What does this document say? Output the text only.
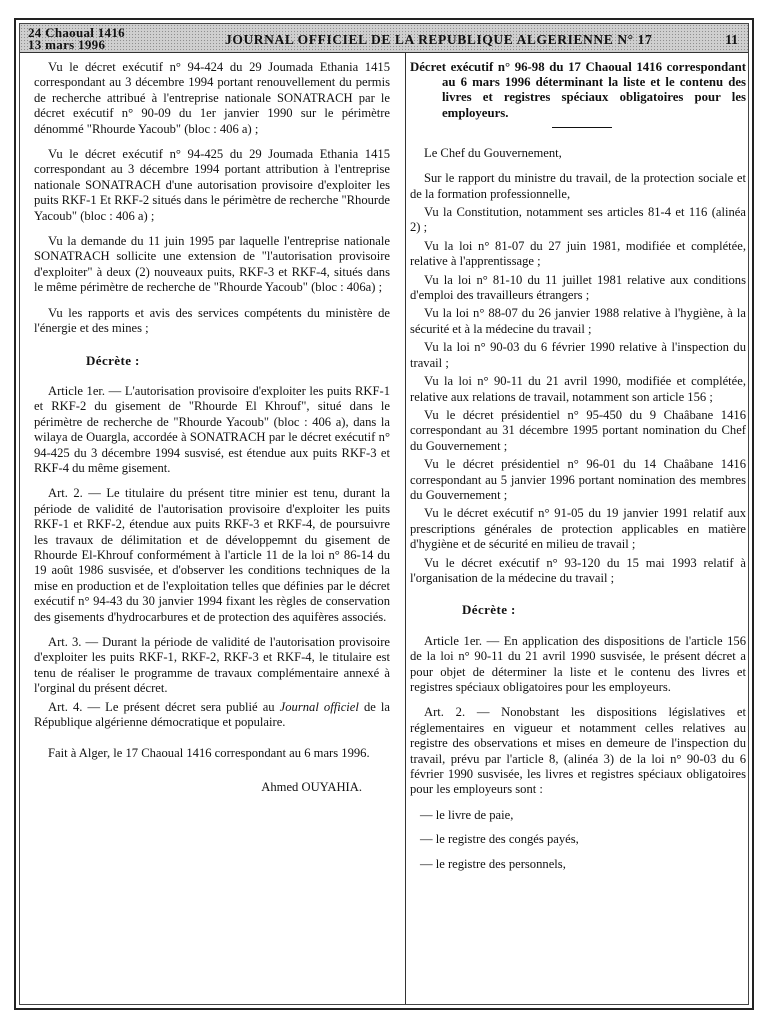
24 Chaoual 1416
13 mars 1996	JOURNAL OFFICIEL DE LA REPUBLIQUE ALGERIENNE N° 17	11

Vu le décret exécutif n° 94-424 du 29 Joumada Ethania 1415 correspondant au 3 décembre 1994 portant renouvellement du permis de recherche attribué à l'entreprise nationale SONATRACH par le décret exécutif n° 90-09 du 1er janvier 1990 sur le périmètre dénommé "Rhourde Yacoub" (bloc : 406 a) ;

Vu le décret exécutif n° 94-425 du 29 Joumada Ethania 1415 correspondant au 3 décembre 1994 portant attribution à l'entreprise nationale SONATRACH d'une autorisation provisoire d'exploiter les puits RKF-1 Et RKF-2 situés dans le périmètre de recherche "Rhourde Yacoub" (bloc : 406 a) ;

Vu la demande du 11 juin 1995 par laquelle l'entreprise nationale SONATRACH sollicite une extension de "l'autorisation provisoire d'exploiter" à deux (2) nouveaux puits, RKF-3 et RKF-4, situés dans le même périmètre de recherche de "Rhourde Yacoub" (bloc : 406a) ;

Vu les rapports et avis des services compétents du ministère de l'énergie et des mines ;

Décrète :

Article 1er. — L'autorisation provisoire d'exploiter les puits RKF-1 et RKF-2 du gisement de "Rhourde El Khrouf", situé dans le périmètre de recherche de "Rhourde Yacoub" (bloc : 406 a), dans la wilaya de Ouargla, accordée à SONATRACH par le décret exécutif n° 94-425 du 3 décembre 1994 susvisé, est étendue aux puits RKF-3 et RKF-4 du même gisement.

Art. 2. — Le titulaire du présent titre minier est tenu, durant la période de validité de l'autorisation provisoire d'exploiter les puits RKF-1 et RKF-2, étendue aux puits RKF-3 et RKF-4, de poursuivre les travaux de délimitation et de développemnt du gisement de Rhourde El-Khrouf conformément à l'article 11 de la loi n° 86-14 du 19 août 1986 susvisée, et d'observer les conditions techniques de la mise en production et de l'exploitation telles que définies par le décret exécutif n° 94-43 du 30 janvier 1994 fixant les règles de conservation des gisements d'hydrocarbures et de protection des aquifères associés.

Art. 3. — Durant la période de validité de l'autorisation provisoire d'exploiter les puits RKF-1, RKF-2, RKF-3 et RKF-4, le titulaire est tenu de réaliser le programme de travaux complémentaire annexé à l'orginal du présent décret.

Art. 4. — Le présent décret sera publié au Journal officiel de la République algérienne démocratique et populaire.

Fait à Alger, le 17 Chaoual 1416 correspondant au 6 mars 1996.

Ahmed OUYAHIA.

Décret exécutif n° 96-98 du 17 Chaoual 1416 correspondant au 6 mars 1996 déterminant la liste et le contenu des livres et registres spéciaux obligatoires pour les employeurs.

Le Chef du Gouvernement,

Sur le rapport du ministre du travail, de la protection sociale et de la formation professionnelle,

Vu la Constitution, notamment ses articles 81-4 et 116 (alinéa 2) ;

Vu la loi n° 81-07 du 27 juin 1981, modifiée et complétée, relative à l'apprentissage ;

Vu la loi n° 81-10 du 11 juillet 1981 relative aux conditions d'emploi des travailleurs étrangers ;

Vu la loi n° 88-07 du 26 janvier 1988 relative à l'hygiène, à la sécurité et à la médecine du travail ;

Vu la loi n° 90-03 du 6 février 1990 relative à l'inspection du travail ;

Vu la loi n° 90-11 du 21 avril 1990, modifiée et complétée, relative aux relations de travail, notamment son article 156 ;

Vu le décret présidentiel n° 95-450 du 9 Chaâbane 1416 correspondant au 31 décembre 1995 portant nomination du Chef du Gouvernement ;

Vu le décret présidentiel n° 96-01 du 14 Chaâbane 1416 correspondant au 5 janvier 1996 portant nomination des membres du Gouvernement ;

Vu le décret exécutif n° 91-05 du 19 janvier 1991 relatif aux prescriptions générales de protection applicables en matière d'hygiène et de sécurité en milieu de travail ;

Vu le décret exécutif n° 93-120 du 15 mai 1993 relatif à l'organisation de la médecine du travail ;

Décrète :

Article 1er. — En application des dispositions de l'article 156 de la loi n° 90-11 du 21 avril 1990 susvisée, le présent décret a pour objet de déterminer la liste et le contenu des livres et registres spéciaux obligatoires pour les employeurs.

Art. 2. — Nonobstant les dispositions législatives et réglementaires en vigueur et notamment celles relatives au registre des observations et mises en demeure de l'inspection du travail, prévu par l'article 8, (alinéa 3) de la loi n° 90-03 du 6 février 1990 susvisée, les livres et registres spéciaux obligatoires pour les employeurs sont :

— le livre de paie,
— le registre des congés payés,
— le registre des personnels,
